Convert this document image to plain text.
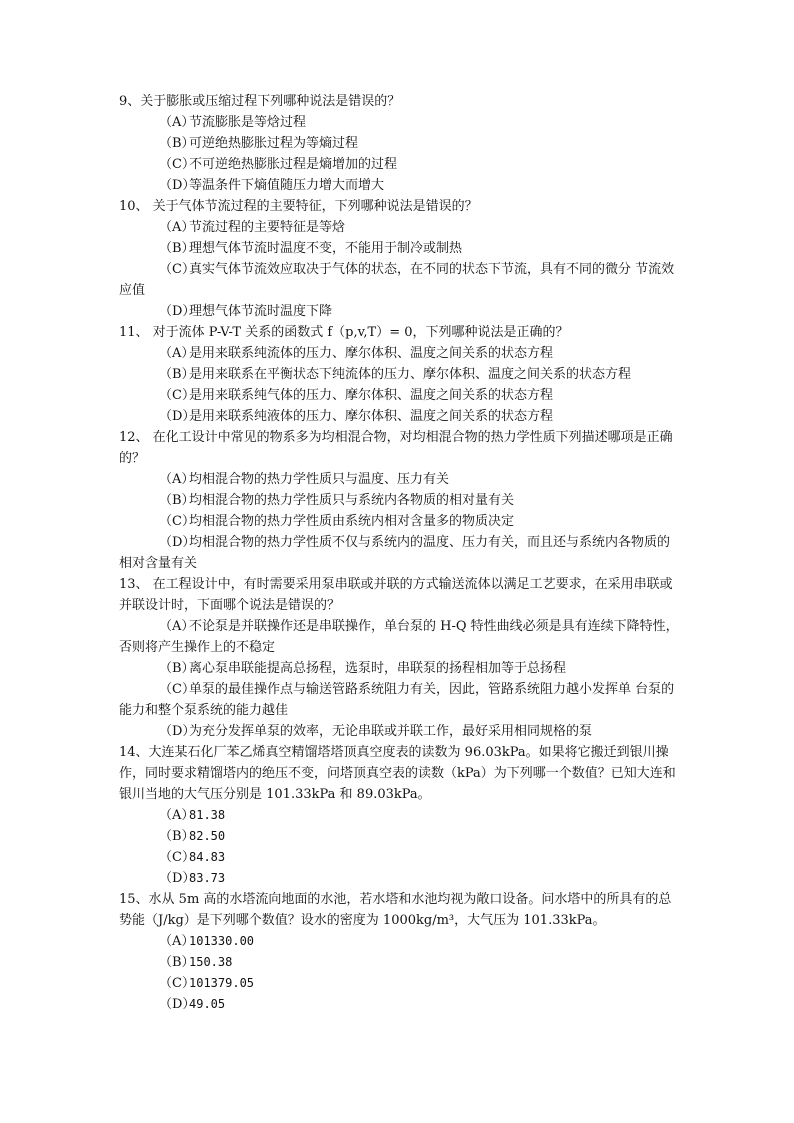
9、关于膨胀或压缩过程下列哪种说法是错误的？
（A）节流膨胀是等焓过程
（B）可逆绝热膨胀过程为等熵过程
（C）不可逆绝热膨胀过程是熵增加的过程
（D）等温条件下熵值随压力增大而增大
10、 关于气体节流过程的主要特征，下列哪种说法是错误的？
（A）节流过程的主要特征是等焓
（B）理想气体节流时温度不变，不能用于制冷或制热
（C）真实气体节流效应取决于气体的状态，在不同的状态下节流，具有不同的微分 节流效应值
（D）理想气体节流时温度下降
11、 对于流体 P-V-T 关系的函数式 f（p,v,T）= 0，下列哪种说法是正确的？
（A）是用来联系纯流体的压力、摩尔体积、温度之间关系的状态方程
（B）是用来联系在平衡状态下纯流体的压力、摩尔体积、温度之间关系的状态方程
（C）是用来联系纯气体的压力、摩尔体积、温度之间关系的状态方程
（D）是用来联系纯液体的压力、摩尔体积、温度之间关系的状态方程
12、 在化工设计中常见的物系多为均相混合物，对均相混合物的热力学性质下列描述哪项是正确的？
（A）均相混合物的热力学性质只与温度、压力有关
（B）均相混合物的热力学性质只与系统内各物质的相对量有关
（C）均相混合物的热力学性质由系统内相对含量多的物质决定
（D）均相混合物的热力学性质不仅与系统内的温度、压力有关，而且还与系统内各物质的相对含量有关
13、 在工程设计中，有时需要采用泵串联或并联的方式输送流体以满足工艺要求，在采用串联或并联设计时，下面哪个说法是错误的？
（A）不论泵是并联操作还是串联操作，单台泵的 H-Q 特性曲线必须是具有连续下降特性，否则将产生操作上的不稳定
（B）离心泵串联能提高总扬程，选泵时，串联泵的扬程相加等于总扬程
（C）单泵的最佳操作点与输送管路系统阻力有关，因此，管路系统阻力越小发挥单 台泵的能力和整个泵系统的能力越佳
（D）为充分发挥单泵的效率，无论串联或并联工作，最好采用相同规格的泵
14、大连某石化厂苯乙烯真空精馏塔塔顶真空度表的读数为 96.03kPa。如果将它搬迁到银川操作，同时要求精馏塔内的绝压不变，问塔顶真空表的读数（kPa）为下列哪一个数值？已知大连和银川当地的大气压分别是 101.33kPa 和 89.03kPa。
（A）81.38
（B）82.50
（C）84.83
（D）83.73
15、水从 5m 高的水塔流向地面的水池，若水塔和水池均视为敞口设备。问水塔中的所具有的总势能（J/kg）是下列哪个数值？设水的密度为 1000kg/m³，大气压为 101.33kPa。
（A）101330.00
（B）150.38
（C）101379.05
（D）49.05
